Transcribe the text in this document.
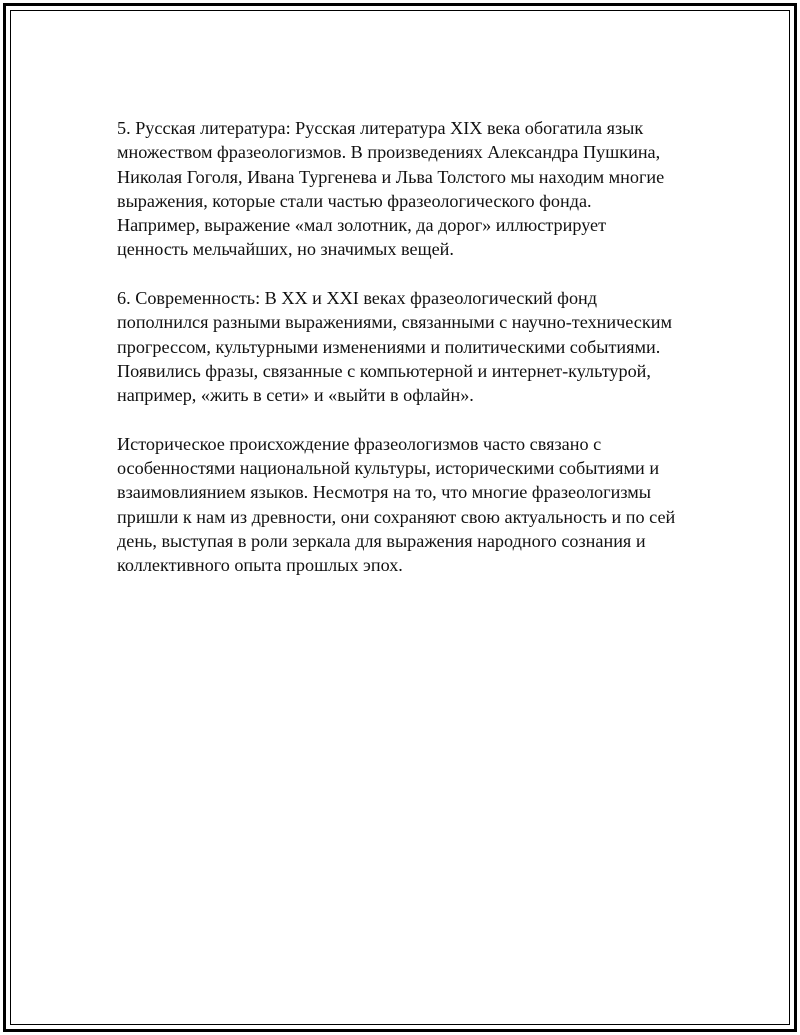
5. Русская литература: Русская литература XIX века обогатила язык
множеством фразеологизмов. В произведениях Александра Пушкина,
Николая Гоголя, Ивана Тургенева и Льва Толстого мы находим многие
выражения, которые стали частью фразеологического фонда.
Например, выражение «мал золотник, да дорог» иллюстрирует
ценность мельчайших, но значимых вещей.

6. Современность: В XX и XXI веках фразеологический фонд
пополнился разными выражениями, связанными с научно-техническим
прогрессом, культурными изменениями и политическими событиями.
Появились фразы, связанные с компьютерной и интернет-культурой,
например, «жить в сети» и «выйти в офлайн».

Историческое происхождение фразеологизмов часто связано с
особенностями национальной культуры, историческими событиями и
взаимовлиянием языков. Несмотря на то, что многие фразеологизмы
пришли к нам из древности, они сохраняют свою актуальность и по сей
день, выступая в роли зеркала для выражения народного сознания и
коллективного опыта прошлых эпох.
